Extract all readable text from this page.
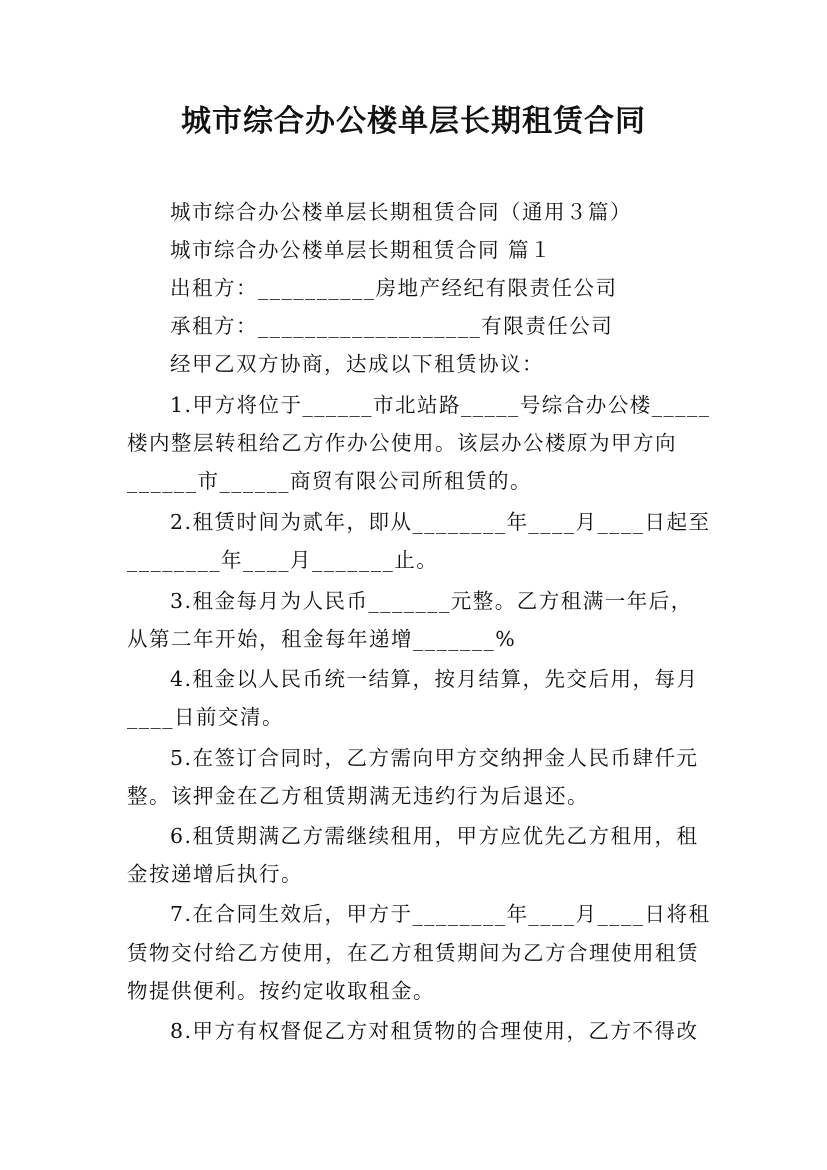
城市综合办公楼单层长期租赁合同
城市综合办公楼单层长期租赁合同（通用３篇）
城市综合办公楼单层长期租赁合同 篇１
出租方：__________房地产经纪有限责任公司
承租方：___________________有限责任公司
经甲乙双方协商，达成以下租赁协议：
1.甲方将位于______市北站路_____号综合办公楼_____
楼内整层转租给乙方作办公使用。该层办公楼原为甲方向
______市______商贸有限公司所租赁的。
2.租赁时间为贰年，即从________年____月____日起至
________年____月_______止。
3.租金每月为人民币_______元整。乙方租满一年后，
从第二年开始，租金每年递增_______%
4.租金以人民币统一结算，按月结算，先交后用，每月
____日前交清。
5.在签订合同时，乙方需向甲方交纳押金人民币肆仟元
整。该押金在乙方租赁期满无违约行为后退还。
6.租赁期满乙方需继续租用，甲方应优先乙方租用，租
金按递增后执行。
7.在合同生效后，甲方于________年____月____日将租
赁物交付给乙方使用，在乙方租赁期间为乙方合理使用租赁
物提供便利。按约定收取租金。
8.甲方有权督促乙方对租赁物的合理使用，乙方不得改
